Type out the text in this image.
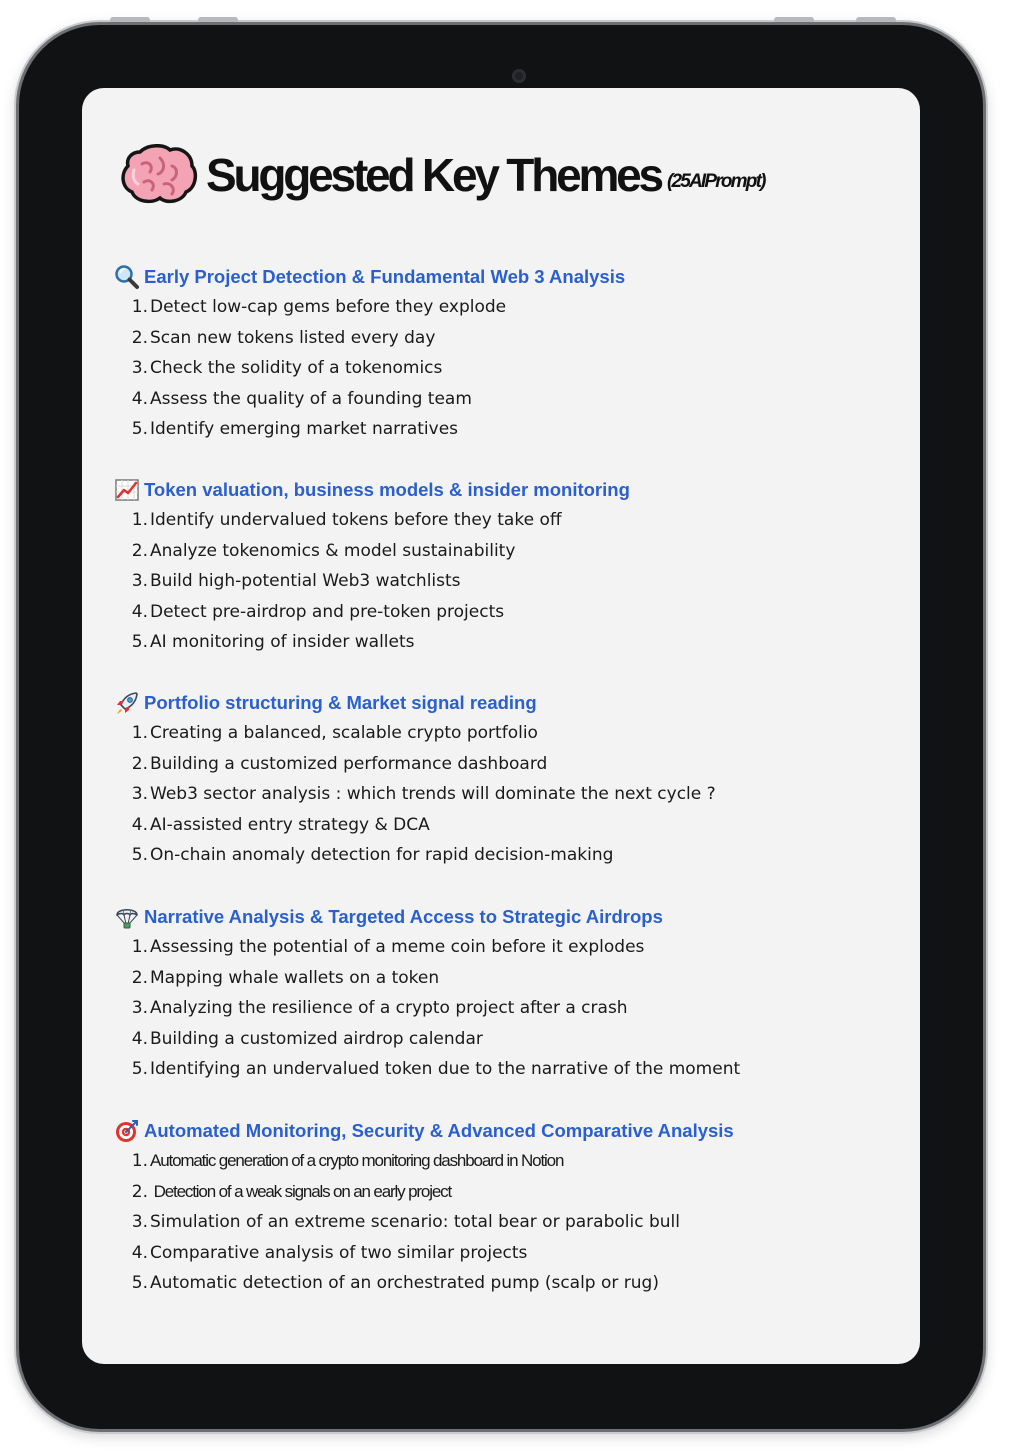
Suggested Key Themes (25AIPrompt)
Early Project Detection & Fundamental Web 3 Analysis
1. Detect low-cap gems before they explode
2. Scan new tokens listed every day
3. Check the solidity of a tokenomics
4. Assess the quality of a founding team
5. Identify emerging market narratives
Token valuation, business models & insider monitoring
1. Identify undervalued tokens before they take off
2. Analyze tokenomics & model sustainability
3. Build high-potential Web3 watchlists
4. Detect pre-airdrop and pre-token projects
5. AI monitoring of insider wallets
Portfolio structuring & Market signal reading
1. Creating a balanced, scalable crypto portfolio
2. Building a customized performance dashboard
3. Web3 sector analysis : which trends will dominate the next cycle ?
4. AI-assisted entry strategy & DCA
5. On-chain anomaly detection for rapid decision-making
Narrative Analysis & Targeted Access to Strategic Airdrops
1. Assessing the potential of a meme coin before it explodes
2. Mapping whale wallets on a token
3. Analyzing the resilience of a crypto project after a crash
4. Building a customized airdrop calendar
5. Identifying an undervalued token due to the narrative of the moment
Automated Monitoring, Security & Advanced Comparative Analysis
1. Automatic generation of a crypto monitoring dashboard in Notion
2. Detection of a weak signals on an early project
3. Simulation of an extreme scenario: total bear or parabolic bull
4. Comparative analysis of two similar projects
5. Automatic detection of an orchestrated pump (scalp or rug)
